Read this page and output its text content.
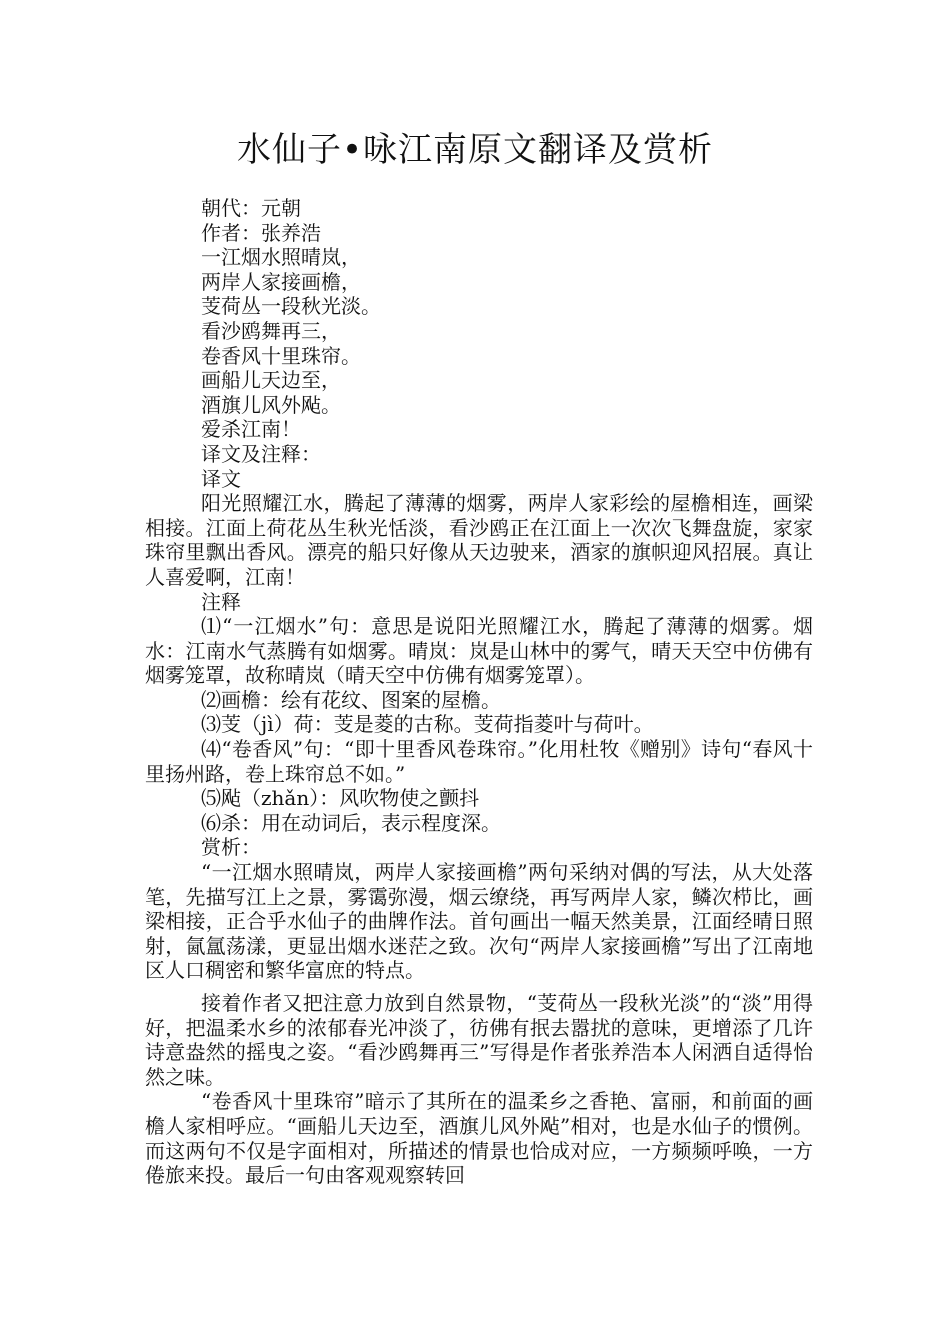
水仙子•咏江南原文翻译及赏析

朝代：元朝

作者：张养浩

一江烟水照晴岚，

两岸人家接画檐，

芰荷丛一段秋光淡。

看沙鸥舞再三，

卷香风十里珠帘。

画船儿天边至，

酒旗儿风外飐。

爱杀江南！

译文及注释：

译文

阳光照耀江水，腾起了薄薄的烟雾，两岸人家彩绘的屋檐相连，画梁相接。江面上荷花丛生秋光恬淡，看沙鸥正在江面上一次次飞舞盘旋，家家珠帘里飘出香风。漂亮的船只好像从天边驶来，酒家的旗帜迎风招展。真让人喜爱啊，江南！

注释

⑴“一江烟水”句：意思是说阳光照耀江水，腾起了薄薄的烟雾。烟水：江南水气蒸腾有如烟雾。晴岚：岚是山林中的雾气，晴天天空中仿佛有烟雾笼罩，故称晴岚（晴天空中仿佛有烟雾笼罩）。

⑵画檐：绘有花纹、图案的屋檐。

⑶芰（jì）荷：芰是菱的古称。芰荷指菱叶与荷叶。

⑷“卷香风”句：“即十里香风卷珠帘。”化用杜牧《赠别》诗句“春风十里扬州路，卷上珠帘总不如。”

⑸飐（zhǎn）：风吹物使之颤抖

⑹杀：用在动词后，表示程度深。

赏析：

“一江烟水照晴岚，两岸人家接画檐”两句采纳对偶的写法，从大处落笔，先描写江上之景，雾霭弥漫，烟云缭绕，再写两岸人家，鳞次栉比，画梁相接，正合乎水仙子的曲牌作法。首句画出一幅天然美景，江面经晴日照射，氤氲荡漾，更显出烟水迷茫之致。次句“两岸人家接画檐”写出了江南地区人口稠密和繁华富庶的特点。

接着作者又把注意力放到自然景物，“芰荷丛一段秋光淡”的“淡”用得好，把温柔水乡的浓郁春光冲淡了，彷佛有抿去嚣扰的意味，更增添了几许诗意盎然的摇曳之姿。“看沙鸥舞再三”写得是作者张养浩本人闲洒自适得怡然之味。

“卷香风十里珠帘”暗示了其所在的温柔乡之香艳、富丽，和前面的画檐人家相呼应。“画船儿天边至，酒旗儿风外飐”相对，也是水仙子的惯例。而这两句不仅是字面相对，所描述的情景也恰成对应，一方频频呼唤，一方倦旅来投。最后一句由客观观察转回
